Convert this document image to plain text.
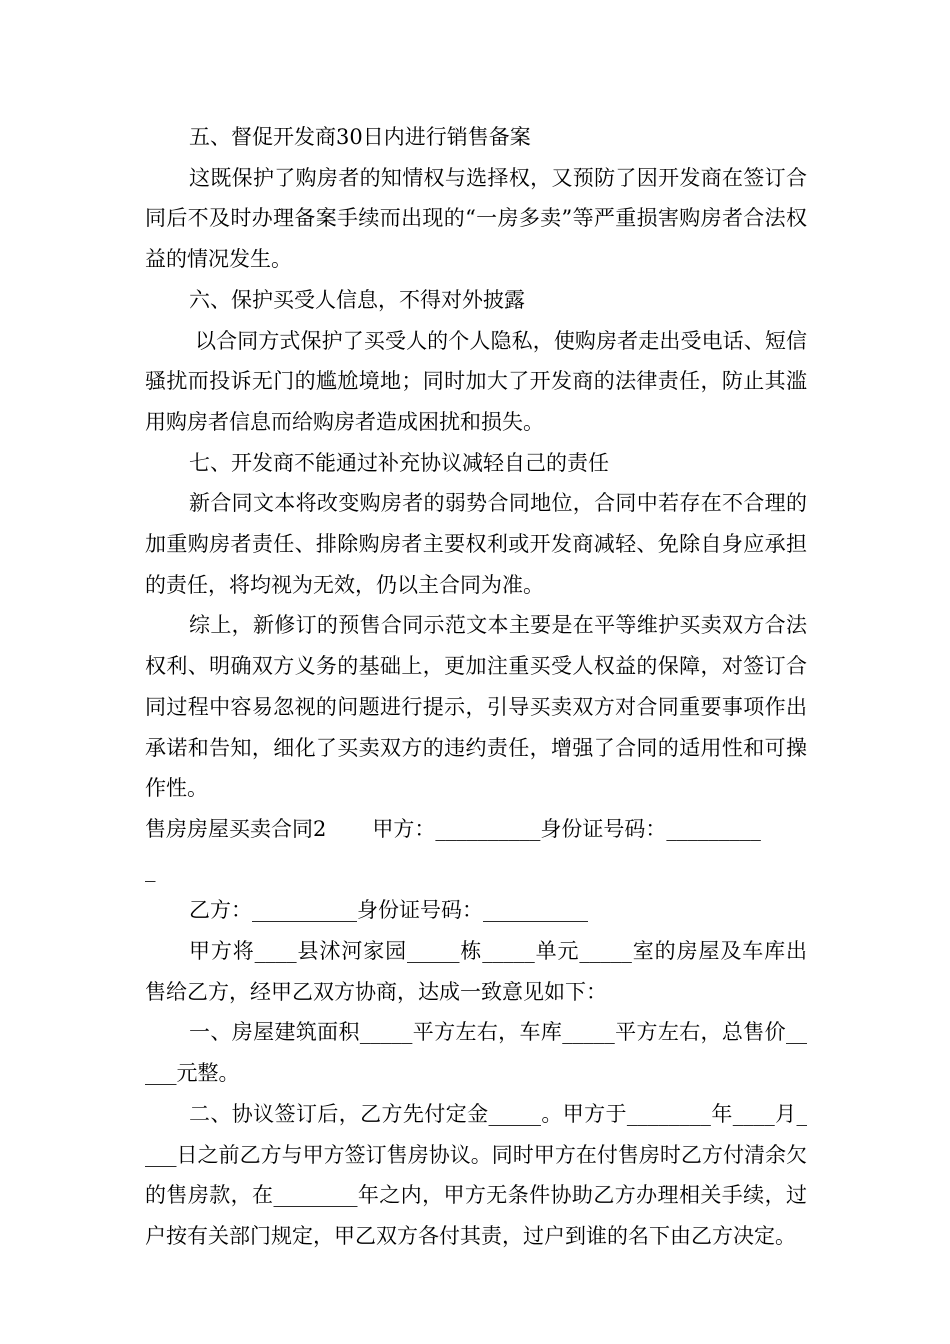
五、督促开发商30日内进行销售备案

这既保护了购房者的知情权与选择权，又预防了因开发商在签订合同后不及时办理备案手续而出现的“一房多卖”等严重损害购房者合法权益的情况发生。

六、保护买受人信息，不得对外披露

以合同方式保护了买受人的个人隐私，使购房者走出受电话、短信骚扰而投诉无门的尴尬境地；同时加大了开发商的法律责任，防止其滥用购房者信息而给购房者造成困扰和损失。

七、开发商不能通过补充协议减轻自己的责任

新合同文本将改变购房者的弱势合同地位，合同中若存在不合理的加重购房者责任、排除购房者主要权利或开发商减轻、免除自身应承担的责任，将均视为无效，仍以主合同为准。

综上，新修订的预售合同示范文本主要是在平等维护买卖双方合法权利、明确双方义务的基础上，更加注重买受人权益的保障，对签订合同过程中容易忽视的问题进行提示，引导买卖双方对合同重要事项作出承诺和告知，细化了买卖双方的违约责任，增强了合同的适用性和可操作性。

售房房屋买卖合同2 甲方：__________身份证号码：_________

_

乙方：__________身份证号码：__________

甲方将____县沭河家园_____栋_____单元_____室的房屋及车库出售给乙方，经甲乙双方协商，达成一致意见如下：

一、房屋建筑面积_____平方左右，车库_____平方左右，总售价_____元整。

二、协议签订后，乙方先付定金_____。甲方于________年____月____日之前乙方与甲方签订售房协议。同时甲方在付售房时乙方付清余欠的售房款，在________年之内，甲方无条件协助乙方办理相关手续，过户按有关部门规定，甲乙双方各付其责，过户到谁的名下由乙方决定。
